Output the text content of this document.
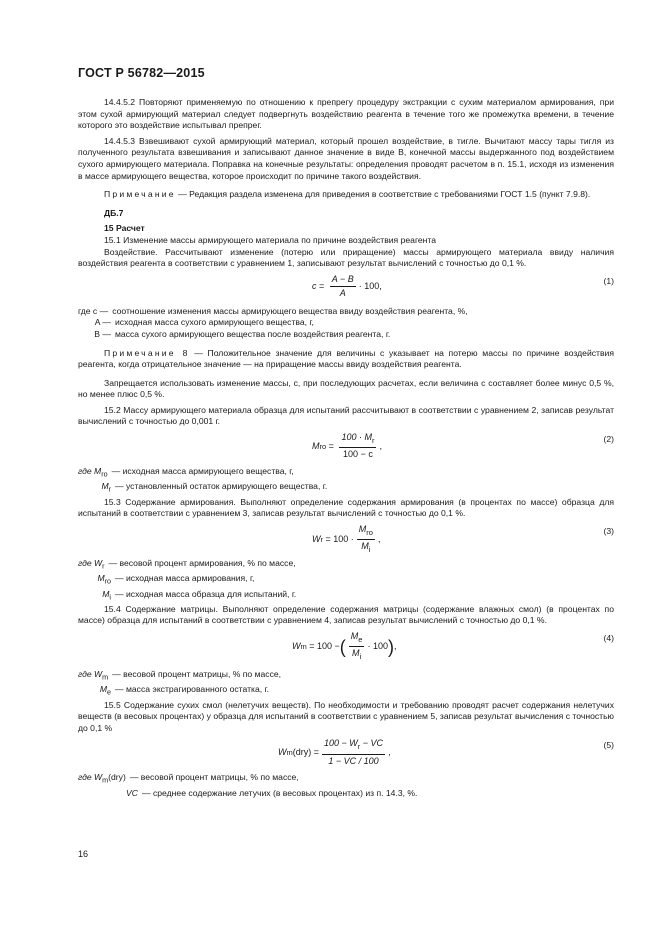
ГОСТ Р 56782—2015

14.4.5.2 Повторяют применяемую по отношению к препрегу процедуру экстракции с сухим материалом армирования, при этом сухой армирующий материал следует подвергнуть воздействию реагента в течение того же промежутка времени, в течение которого это воздействие испытывал препрег.

14.4.5.3 Взвешивают сухой армирующий материал, который прошел воздействие, в тигле. Вычитают массу тары тигля из полученного результата взвешивания и записывают данное значение в виде B, конечной массы выдержанного под воздействием сухого армирующего материала. Поправка на конечные результаты: определения проводят расчетом в п. 15.1, исходя из изменения в массе армирующего вещества, которое происходит по причине такого воздействия.

Примечание — Редакция раздела изменена для приведения в соответствие с требованиями ГОСТ 1.5 (пункт 7.9.8).

ДБ.7

15 Расчет

15.1 Изменение массы армирующего материала по причине воздействия реагента

Воздействие. Рассчитывают изменение (потерю или приращение) массы армирующего материала ввиду наличия воздействия реагента в соответствии с уравнением 1, записывают результат вычислений с точностью до 0,1 %.

$c = \frac{A - B}{A} \cdot 100$,
(1)
где c — соотношение изменения массы армирующего вещества ввиду воздействия реагента, %,
A — исходная масса сухого армирующего вещества, г,
B — масса сухого армирующего вещества после воздействия реагента, г.

Примечание 8 — Положительное значение для величины c указывает на потерю массы по причине воздействия реагента, когда отрицательное значение — на приращение массы ввиду воздействия реагента.

Запрещается использовать изменение массы, c, при последующих расчетах, если величина c составляет более минус 0,5 %, но менее плюс 0,5 %.

15.2 Массу армирующего материала образца для испытаний рассчитывают в соответствии с уравнением 2, записав результат вычислений с точностью до 0,001 г.

M ro = $\frac{100 \cdot M_r}{100 - c}$ ,
(2)
где $M_{ro}$ — исходная масса армирующего вещества, г,
$M_r$ — установленный остаток армирующего вещества, г.

15.3 Содержание армирования. Выполняют определение содержания армирования (в процентах по массе) образца для испытаний в соответствии с уравнением 3, записав результат вычислений с точностью до 0,1 %.

W r
= $100 \cdot \frac{M_{ro}}{M_i}$ ,
(3)
где $W_r$ — весовой процент армирования, % по массе,
$M_{ro}$ — исходная масса армирования, г,
$M_i$ — исходная масса образца для испытаний, г.

15.4 Содержание матрицы. Выполняют определение содержания матрицы (содержание влажных смол) (в процентах по массе) образца для испытаний в соответствии с уравнением 4, записав результат вычислений с точностью до 0,1 %.

W m
= 100 − ( $\frac{M_e}{M_i} \cdot 100$ ) ,
(4)
где $W_m$ — весовой процент матрицы, % по массе,
$M_e$ — масса экстрагированного остатка, г.

15.5 Содержание сухих смол (нелетучих веществ). По необходимости и требованию проводят расчет содержания нелетучих веществ (в весовых процентах) у образца для испытаний в соответствии с уравнением 5, записав результат вычисления с точностью до 0,1 %

W m $(dry) = \frac{100 - W_r - VC}{1 - VC / 100}$ ,
(5)
где $W_m(dry)$ — весовой процент матрицы, % по массе,
VC — среднее содержание летучих (в весовых процентах) из п. 14.3, %.
16
